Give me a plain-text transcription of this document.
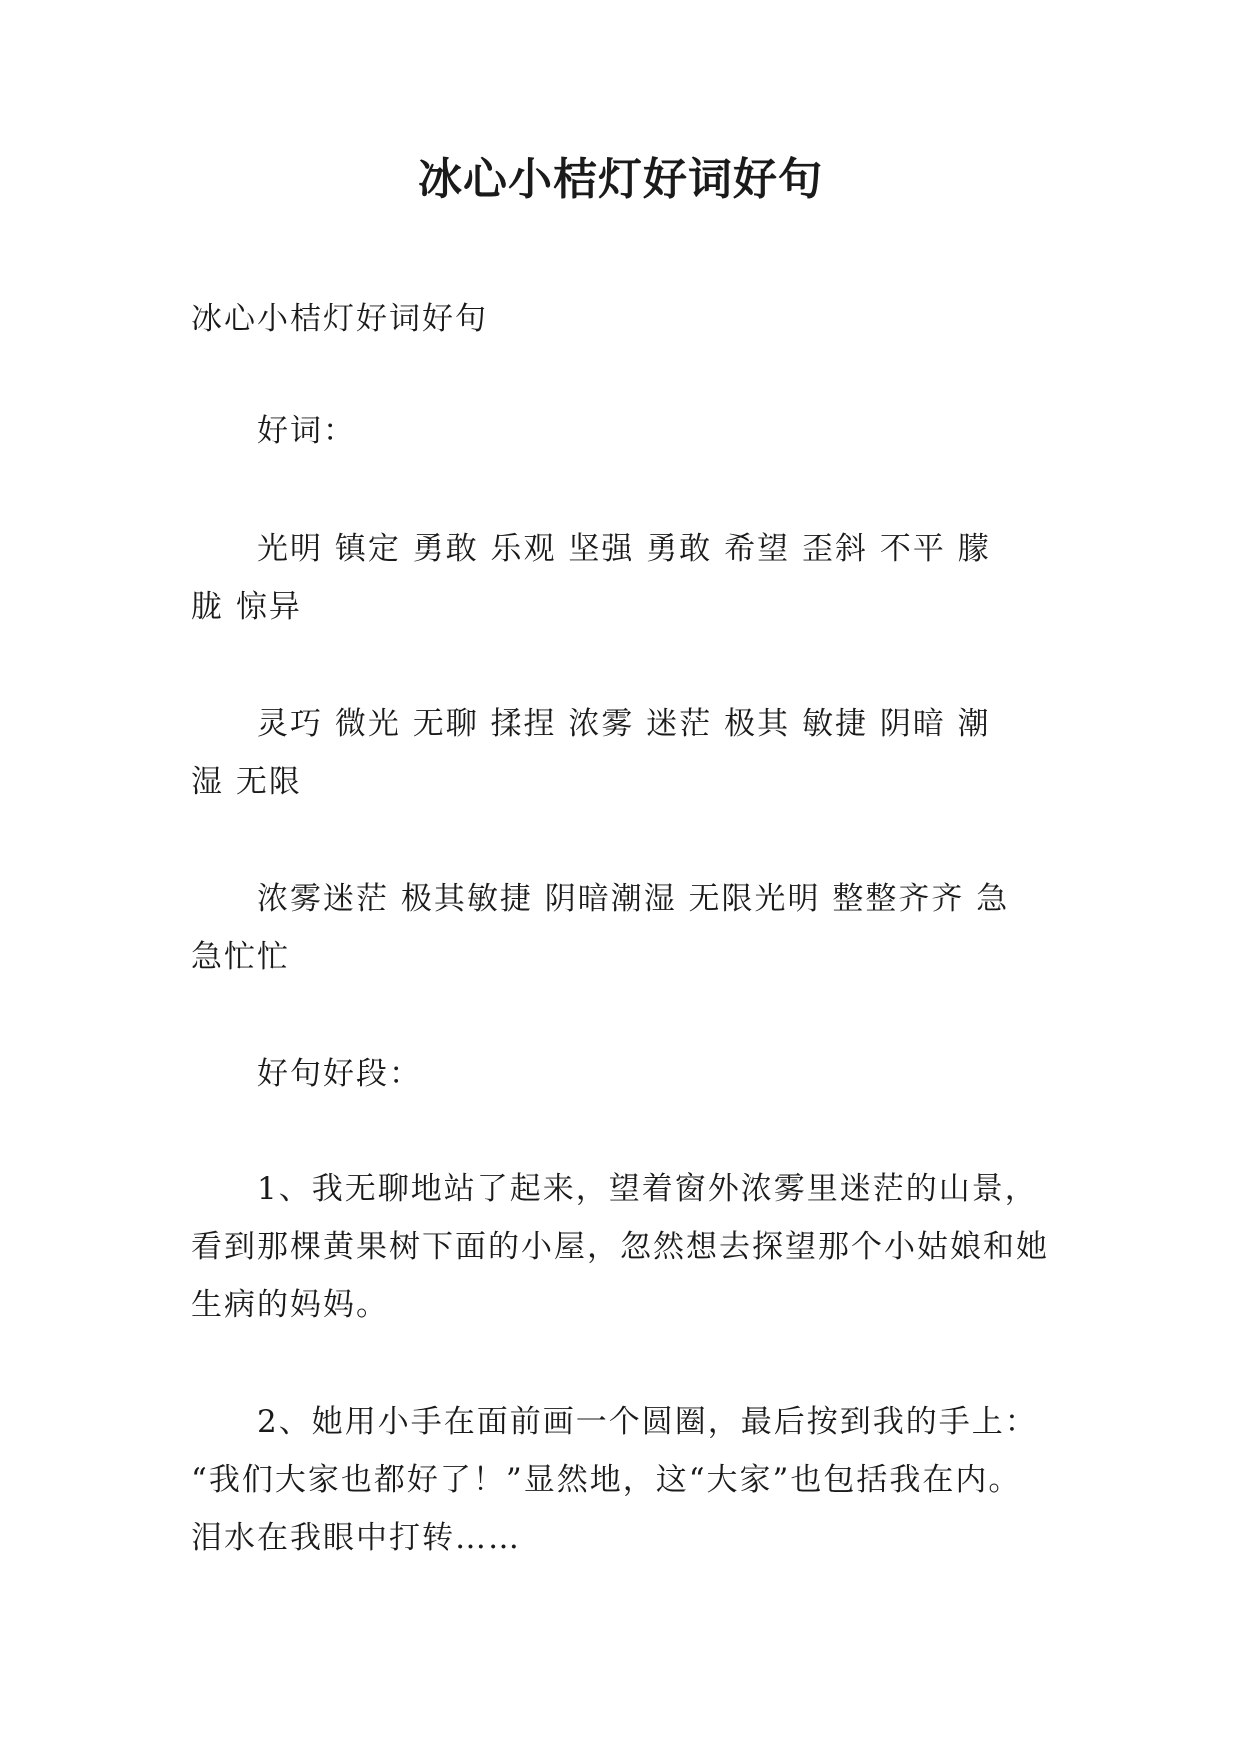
冰心小桔灯好词好句

冰心小桔灯好词好句

好词：

光明 镇定 勇敢 乐观 坚强 勇敢 希望 歪斜 不平 朦
胧 惊异

灵巧 微光 无聊 揉捏 浓雾 迷茫 极其 敏捷 阴暗 潮
湿 无限

浓雾迷茫 极其敏捷 阴暗潮湿 无限光明 整整齐齐 急
急忙忙

好句好段：

1、我无聊地站了起来，望着窗外浓雾里迷茫的山景，
看到那棵黄果树下面的小屋，忽然想去探望那个小姑娘和她
生病的妈妈。

2、她用小手在面前画一个圆圈，最后按到我的手上：
“我们大家也都好了！”显然地，这“大家”也包括我在内。
泪水在我眼中打转……
